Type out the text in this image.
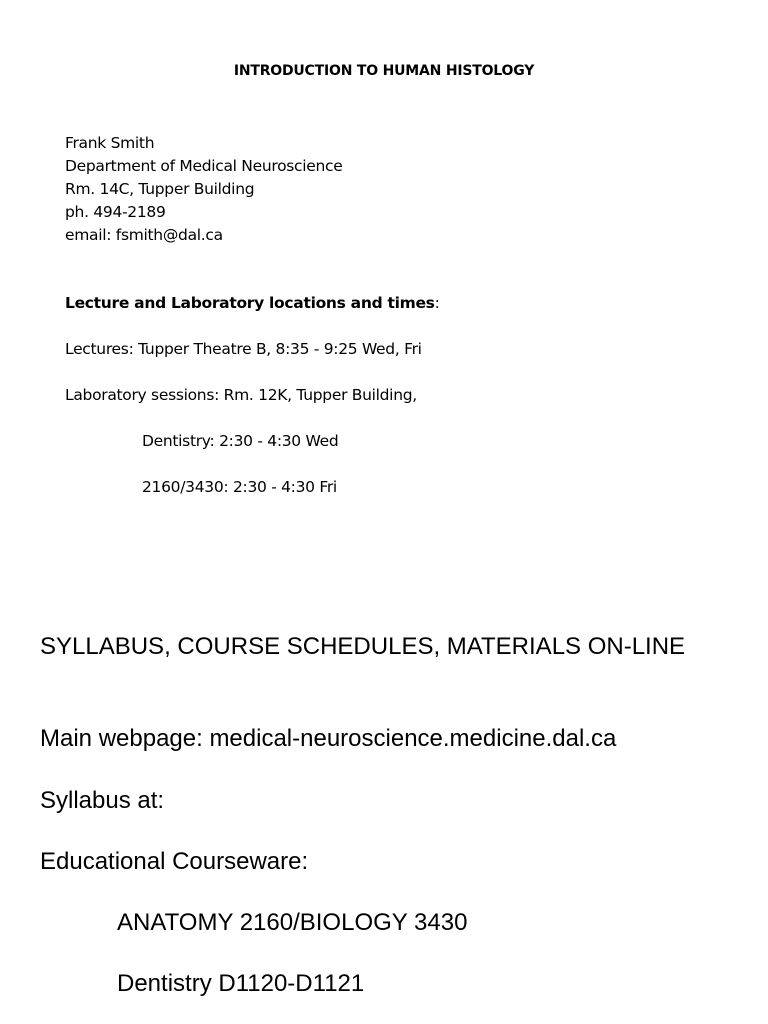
INTRODUCTION TO HUMAN HISTOLOGY
Frank Smith
Department of Medical Neuroscience
Rm. 14C, Tupper Building
ph. 494-2189
email: fsmith@dal.ca
Lecture and Laboratory locations and times:
Lectures: Tupper Theatre B, 8:35 - 9:25 Wed, Fri
Laboratory sessions: Rm. 12K, Tupper Building,
Dentistry: 2:30 - 4:30 Wed
2160/3430: 2:30 - 4:30 Fri
SYLLABUS, COURSE SCHEDULES, MATERIALS ON-LINE
Main webpage: medical-neuroscience.medicine.dal.ca
Syllabus at:
Educational Courseware:
ANATOMY 2160/BIOLOGY 3430
Dentistry D1120-D1121
